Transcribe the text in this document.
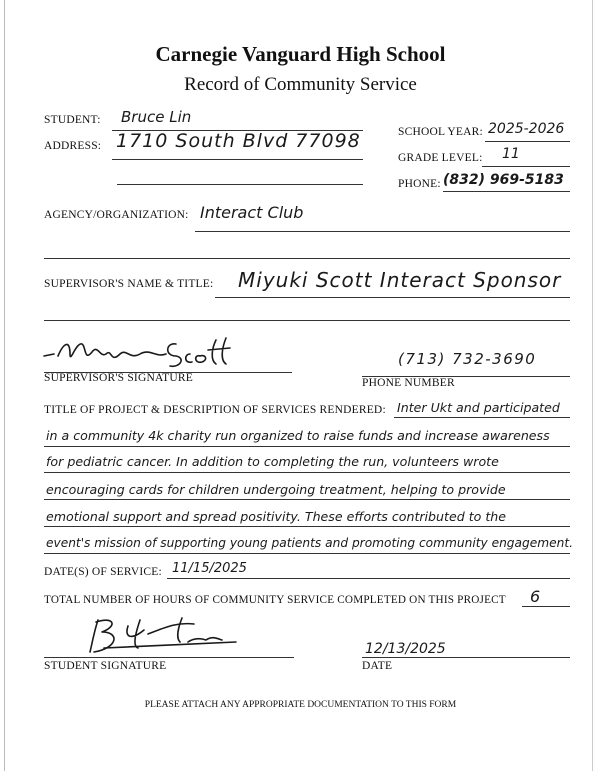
Carnegie Vanguard High School
Record of Community Service
STUDENT: Bruce Lin
ADDRESS: 1710 South Blvd 77098	SCHOOL YEAR: 2025-2026
GRADE LEVEL: 11
PHONE: (832) 969-5183
AGENCY/ORGANIZATION: Interact Club
SUPERVISOR'S NAME & TITLE: Miyuki Scott Interact Sponsor
SUPERVISOR'S SIGNATURE
(713) 732-3690
PHONE NUMBER
TITLE OF PROJECT & DESCRIPTION OF SERVICES RENDERED: Inter Ukt and participated
in a community 4k charity run organized to raise funds and increase awareness
for pediatric cancer. In addition to completing the run, volunteers wrote
encouraging cards for children undergoing treatment, helping to provide
emotional support and spread positivity. These efforts contributed to the
event's mission of supporting young patients and promoting community engagement.
DATE(S) OF SERVICE: 11/15/2025
TOTAL NUMBER OF HOURS OF COMMUNITY SERVICE COMPLETED ON THIS PROJECT 6
STUDENT SIGNATURE
12/13/2025
DATE
PLEASE ATTACH ANY APPROPRIATE DOCUMENTATION TO THIS FORM
